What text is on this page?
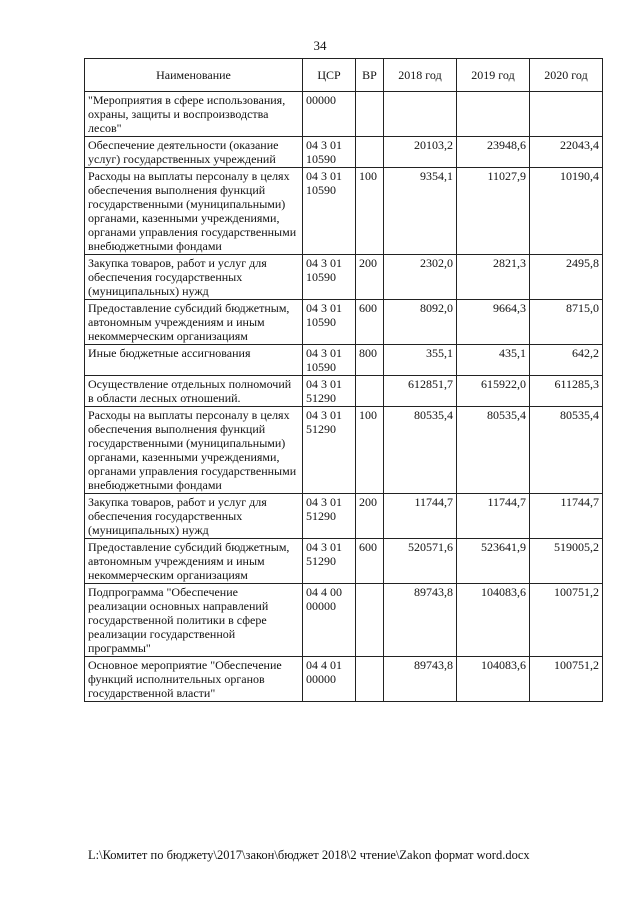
34
Наименование	ЦСР	ВР	2018 год	2019 год	2020 год
"Мероприятия в сфере использования, охраны, защиты и воспроизводства лесов"	00000				
Обеспечение деятельности (оказание услуг) государственных учреждений	04 3 01 10590		20103,2	23948,6	22043,4
Расходы на выплаты персоналу в целях обеспечения выполнения функций государственными (муниципальными) органами, казенными учреждениями, органами управления государственными внебюджетными фондами	04 3 01 10590	100	9354,1	11027,9	10190,4
Закупка товаров, работ и услуг для обеспечения государственных (муниципальных) нужд	04 3 01 10590	200	2302,0	2821,3	2495,8
Предоставление субсидий бюджетным, автономным учреждениям и иным некоммерческим организациям	04 3 01 10590	600	8092,0	9664,3	8715,0
Иные бюджетные ассигнования	04 3 01 10590	800	355,1	435,1	642,2
Осуществление отдельных полномочий в области лесных отношений.	04 3 01 51290		612851,7	615922,0	611285,3
Расходы на выплаты персоналу в целях обеспечения выполнения функций государственными (муниципальными) органами, казенными учреждениями, органами управления государственными внебюджетными фондами	04 3 01 51290	100	80535,4	80535,4	80535,4
Закупка товаров, работ и услуг для обеспечения государственных (муниципальных) нужд	04 3 01 51290	200	11744,7	11744,7	11744,7
Предоставление субсидий бюджетным, автономным учреждениям и иным некоммерческим организациям	04 3 01 51290	600	520571,6	523641,9	519005,2
Подпрограмма "Обеспечение реализации основных направлений государственной политики в сфере реализации государственной программы"	04 4 00 00000		89743,8	104083,6	100751,2
Основное мероприятие "Обеспечение функций исполнительных органов государственной власти"	04 4 01 00000		89743,8	104083,6	100751,2
L:\Комитет по бюджету\2017\закон\бюджет 2018\2 чтение\Zakon формат word.docx
